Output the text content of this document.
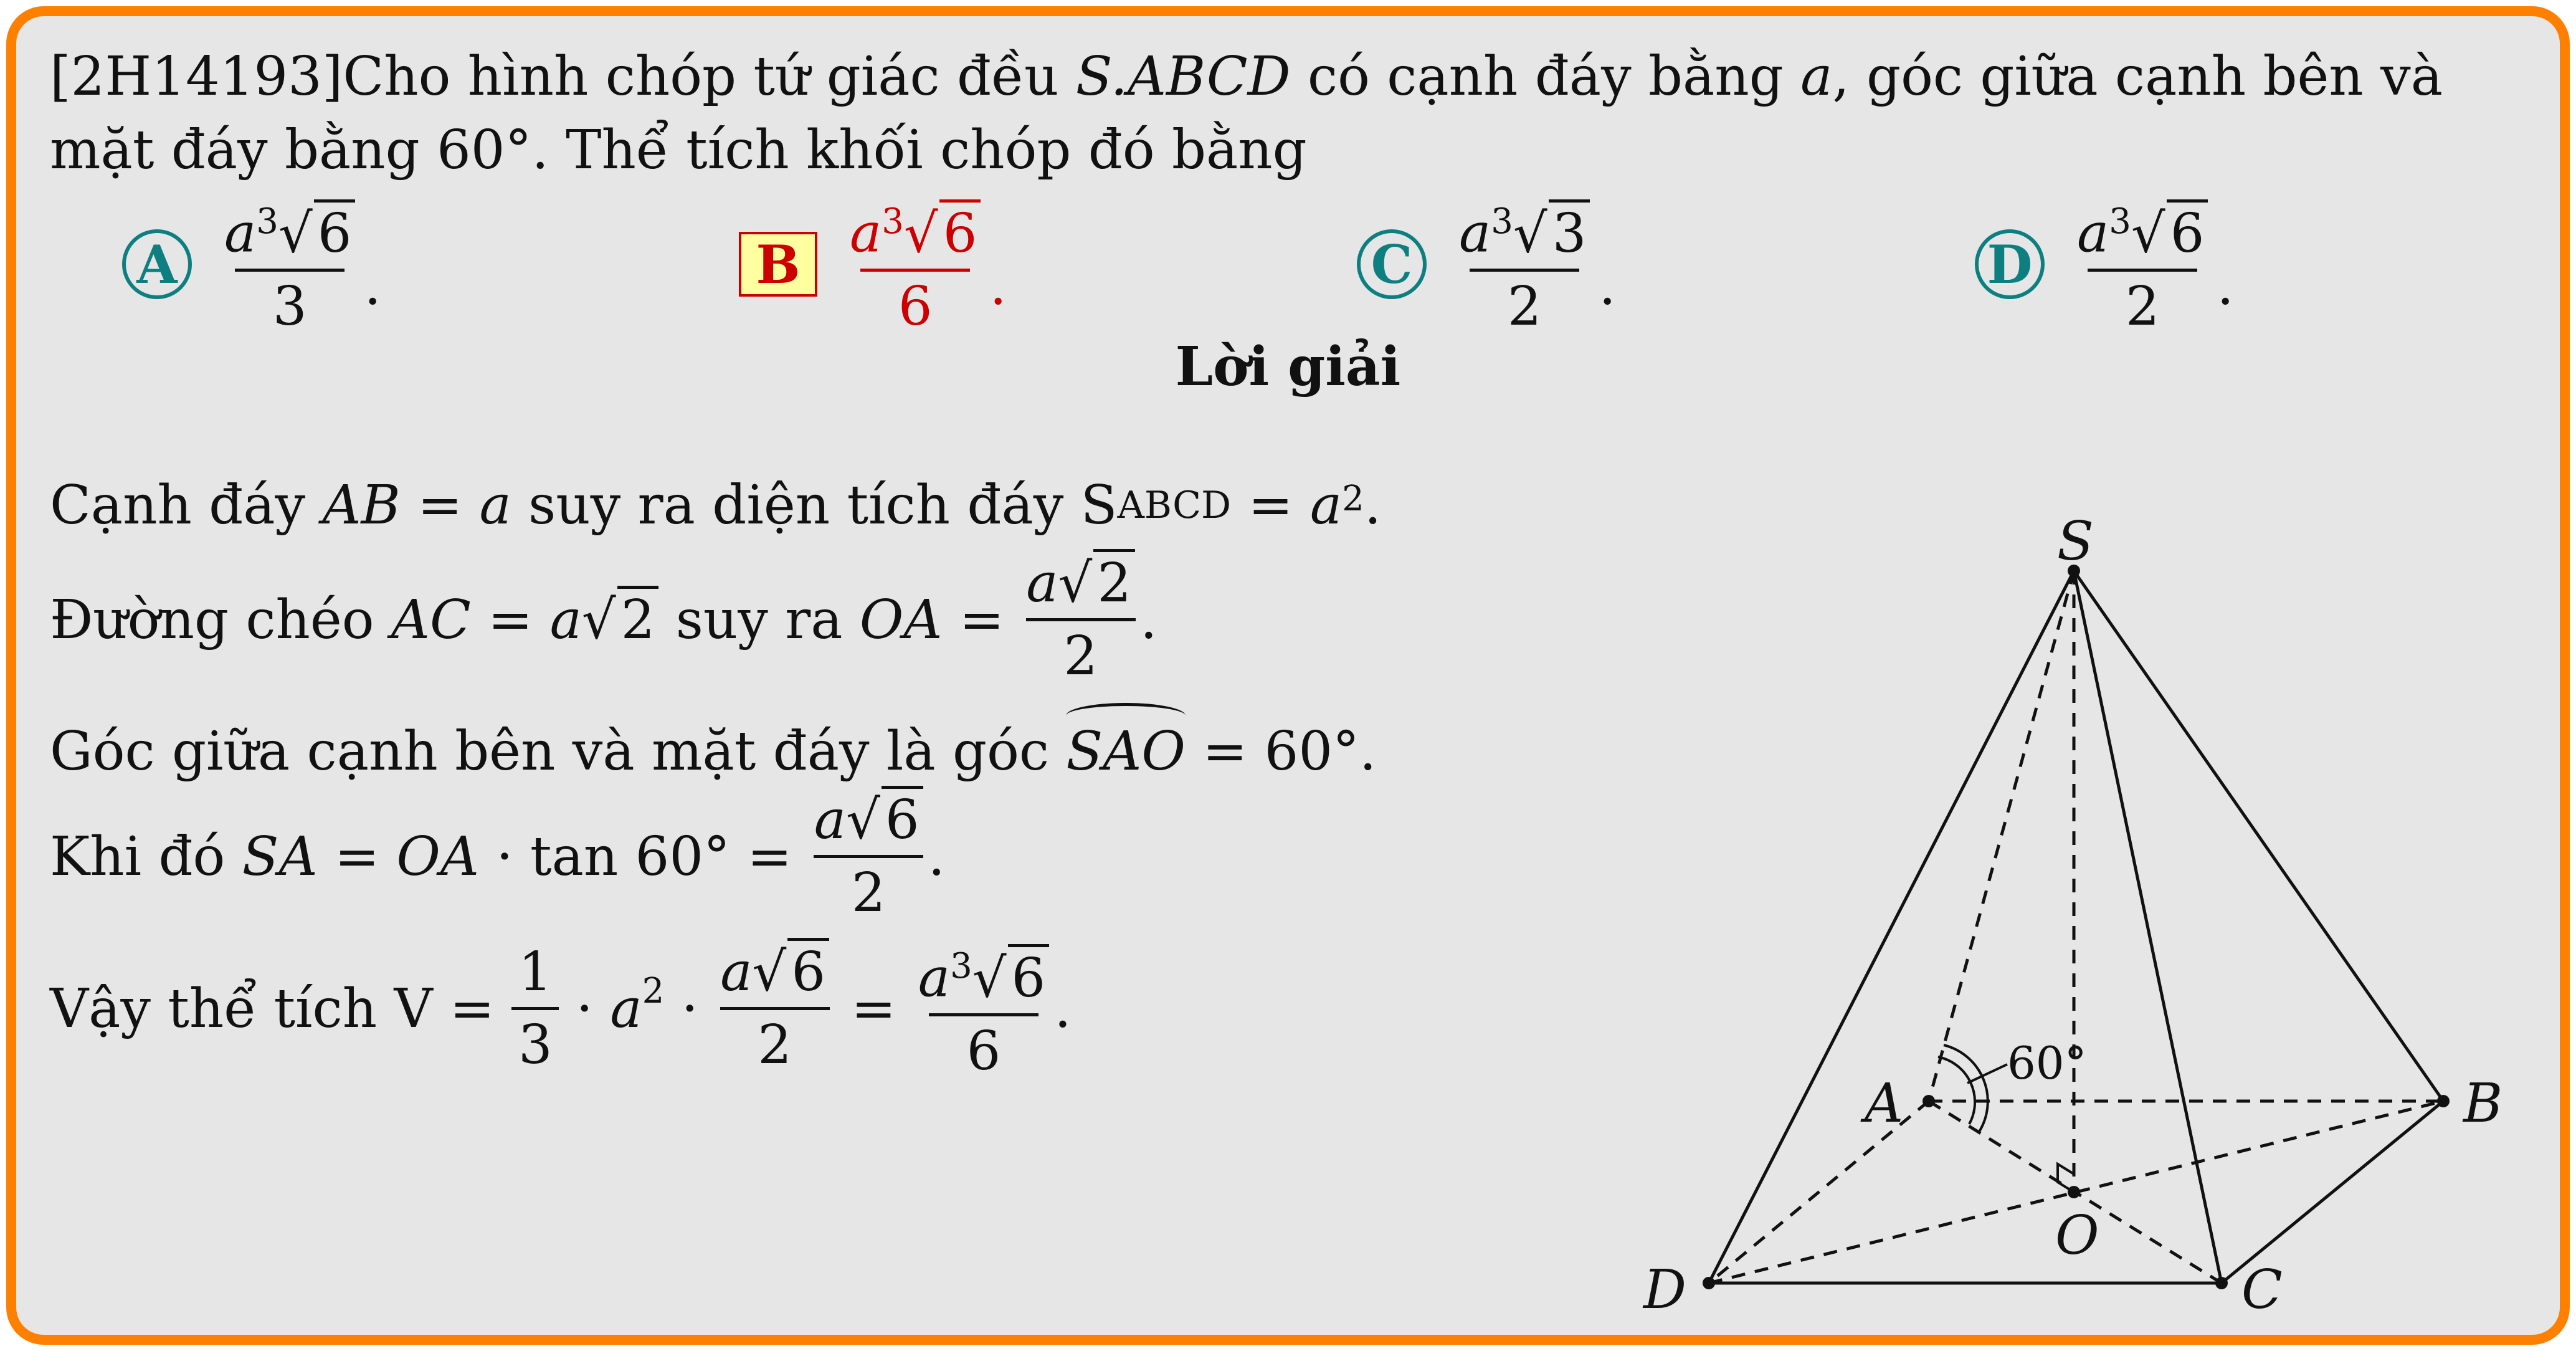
[2H14193]Cho hình chóp tứ giác đều S.ABCD có cạnh đáy bằng a, góc giữa cạnh bên và mặt đáy bằng 60°. Thể tích khối chóp đó bằng

A $\frac{a^3√6}{3}$ .	B $\frac{a^3√6}{6}$ .	C $\frac{a^3√3}{2}$ .	D $\frac{a^3√6}{2}$ .

Lời giải

Cạnh đáy
AB = a suy ra diện tích đáy S ABCD = a 2 .
Đường chéo AC = a √2 suy ra OA = $\frac{a√2}{2}$ .
Góc giữa cạnh bên và mặt đáy là góc SAO = 60°.
Khi đó SA = OA · $\tan 60^\circ = \frac{a√6}{2}$ .
Vậy thể tích $V = \frac{1}{3} \cdot a^2 \cdot \frac{a√6}{2} = \frac{a^3√6}{6}$ .
S
A	B
C
D
O
60°
